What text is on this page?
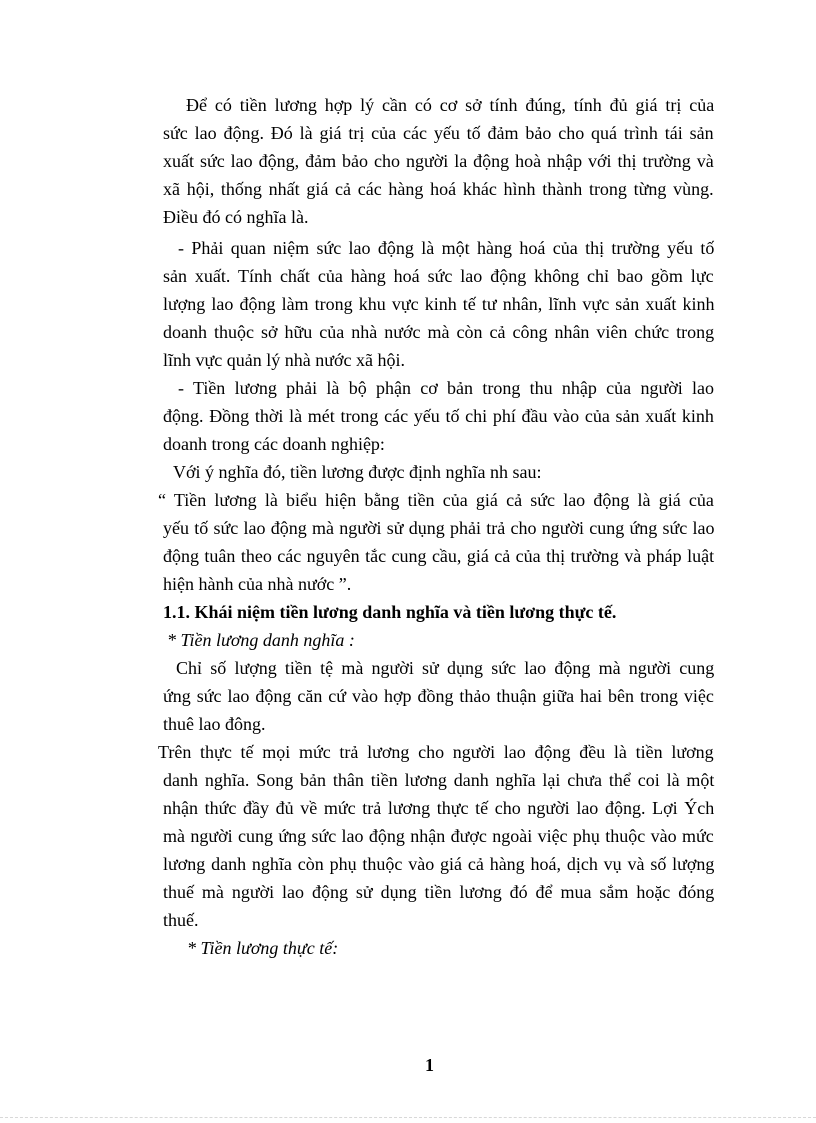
Để có tiền lương hợp lý cần có cơ sở tính đúng, tính đủ giá trị của
sức lao động. Đó là giá trị của các yếu tố đảm bảo cho quá trình tái sản
xuất sức lao động, đảm bảo cho người la động hoà nhập với thị trường và
xã hội, thống nhất giá cả các hàng hoá khác hình thành trong từng vùng.
Điều đó có nghĩa là.
- Phải quan niệm sức lao động là một hàng hoá của thị trường yếu tố
sản xuất. Tính chất của hàng hoá sức lao động không chỉ bao gồm lực
lượng lao động làm trong khu vực kinh tế tư nhân, lĩnh vực sản xuất kinh
doanh thuộc sở hữu của nhà nước mà còn cả công nhân viên chức trong
lĩnh vực quản lý nhà nước xã hội.
- Tiền lương phải là bộ phận cơ bản trong thu nhập của người lao
động. Đồng thời là mét trong các yếu tố chi phí đầu vào của sản xuất kinh
doanh trong các doanh nghiệp:
Với ý nghĩa đó, tiền lương được định nghĩa nh sau:
“ Tiền lương là biểu hiện bằng tiền của giá cả sức lao động là giá của
yếu tố sức lao động mà người sử dụng phải trả cho người cung ứng sức lao
động tuân theo các nguyên tắc cung cầu, giá cả của thị trường và pháp luật
hiện hành của nhà nước ”.
1.1. Khái niệm tiền lương danh nghĩa và tiền lương thực tế.
* Tiền lương danh nghĩa :
Chỉ số lượng tiền tệ mà người sử dụng sức lao động mà người cung
ứng sức lao động căn cứ vào hợp đồng thảo thuận giữa hai bên trong việc
thuê lao đông.
Trên thực tế mọi mức trả lương cho người lao động đều là tiền lương
danh nghĩa. Song bản thân tiền lương danh nghĩa lại chưa thể coi là một
nhận thức đầy đủ về mức trả lương thực tế cho người lao động. Lợi Ých
mà người cung ứng sức lao động nhận được ngoài việc phụ thuộc vào mức
lương danh nghĩa còn phụ thuộc vào giá cả hàng hoá, dịch vụ và số lượng
thuế mà người lao động sử dụng tiền lương đó để mua sắm hoặc đóng
thuế.
* Tiền lương thực tế:
1
